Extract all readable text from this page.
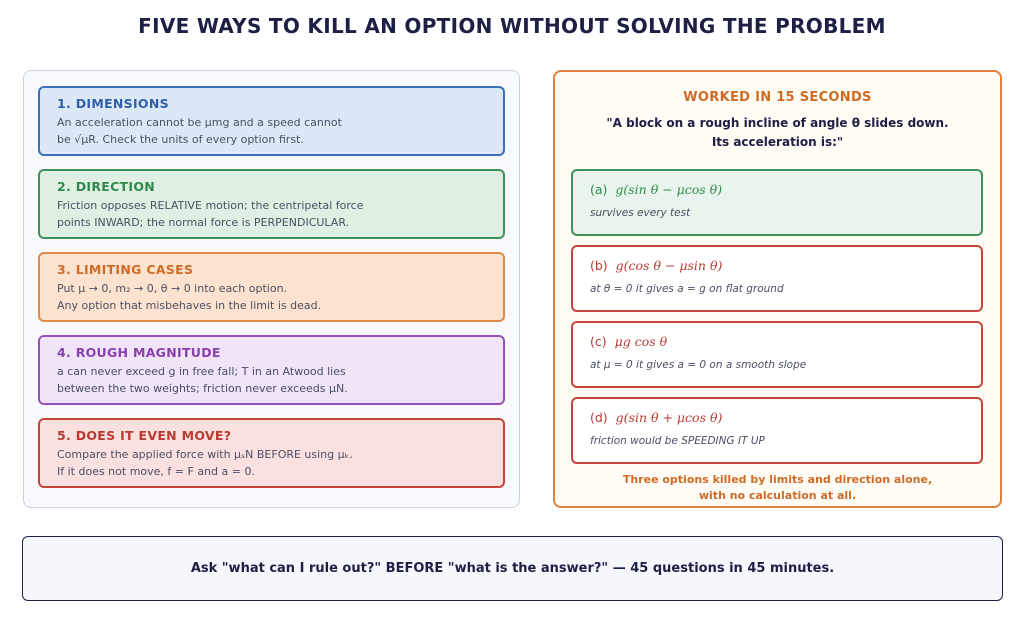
FIVE WAYS TO KILL AN OPTION WITHOUT SOLVING THE PROBLEM
1. DIMENSIONS
An acceleration cannot be μmg and a speed cannot
be √μR. Check the units of every option first.
2. DIRECTION
Friction opposes RELATIVE motion; the centripetal force
points INWARD; the normal force is PERPENDICULAR.
3. LIMITING CASES
Put μ → 0, m₂ → 0, θ → 0 into each option.
Any option that misbehaves in the limit is dead.
4. ROUGH MAGNITUDE
a can never exceed g in free fall; T in an Atwood lies
between the two weights; friction never exceeds μN.
5. DOES IT EVEN MOVE?
Compare the applied force with μₛN BEFORE using μₖ.
If it does not move, f = F and a = 0.
WORKED IN 15 SECONDS
"A block on a rough incline of angle θ slides down.
Its acceleration is:"
(a) g(sin θ − μcos θ)
survives every test
(b) g(cos θ − μsin θ)
at θ = 0 it gives a = g on flat ground
(c) μg cos θ
at μ = 0 it gives a = 0 on a smooth slope
(d) g(sin θ + μcos θ)
friction would be SPEEDING IT UP
Three options killed by limits and direction alone,
with no calculation at all.
Ask "what can I rule out?" BEFORE "what is the answer?" — 45 questions in 45 minutes.
